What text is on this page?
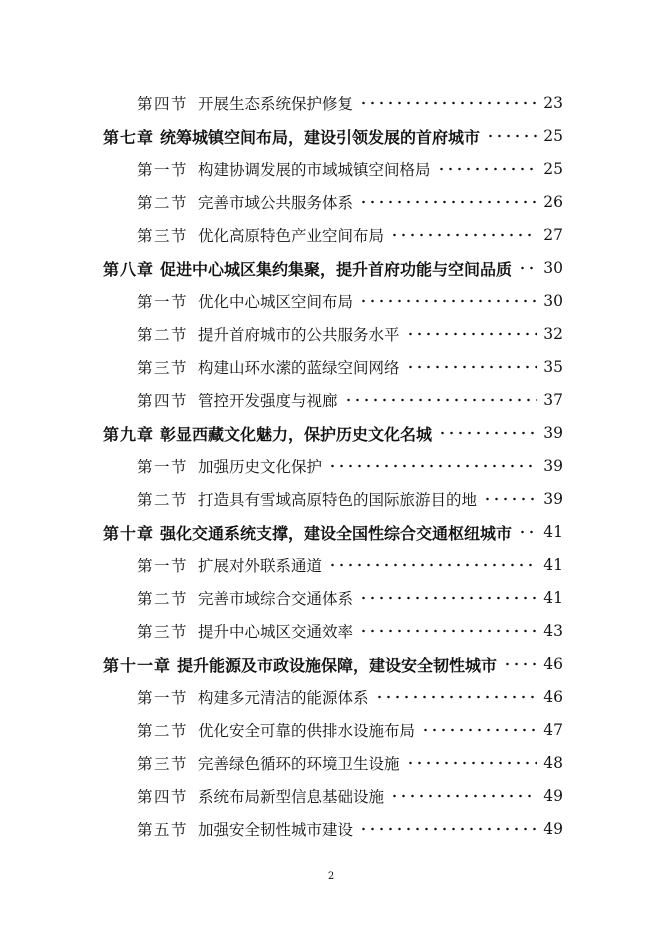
第四节 开展生态系统保护修复	23
第七章 统筹城镇空间布局，建设引领发展的首府城市	25
第一节 构建协调发展的市域城镇空间格局	25
第二节 完善市域公共服务体系	26
第三节 优化高原特色产业空间布局	27
第八章 促进中心城区集约集聚，提升首府功能与空间品质 30
第一节 优化中心城区空间布局	30
第二节 提升首府城市的公共服务水平	32
第三节 构建山环水潆的蓝绿空间网络	35
第四节 管控开发强度与视廊	37
第九章 彰显西藏文化魅力，保护历史文化名城	39
第一节 加强历史文化保护	39
第二节 打造具有雪域高原特色的国际旅游目的地	39
第十章 强化交通系统支撑，建设全国性综合交通枢纽城市 41
第一节 扩展对外联系通道	41
第二节 完善市域综合交通体系	41
第三节 提升中心城区交通效率	43
第十一章 提升能源及市政设施保障，建设安全韧性城市	46
第一节 构建多元清洁的能源体系	46
第二节 优化安全可靠的供排水设施布局	47
第三节 完善绿色循环的环境卫生设施	48
第四节 系统布局新型信息基础设施	49
第五节 加强安全韧性城市建设	49
2
